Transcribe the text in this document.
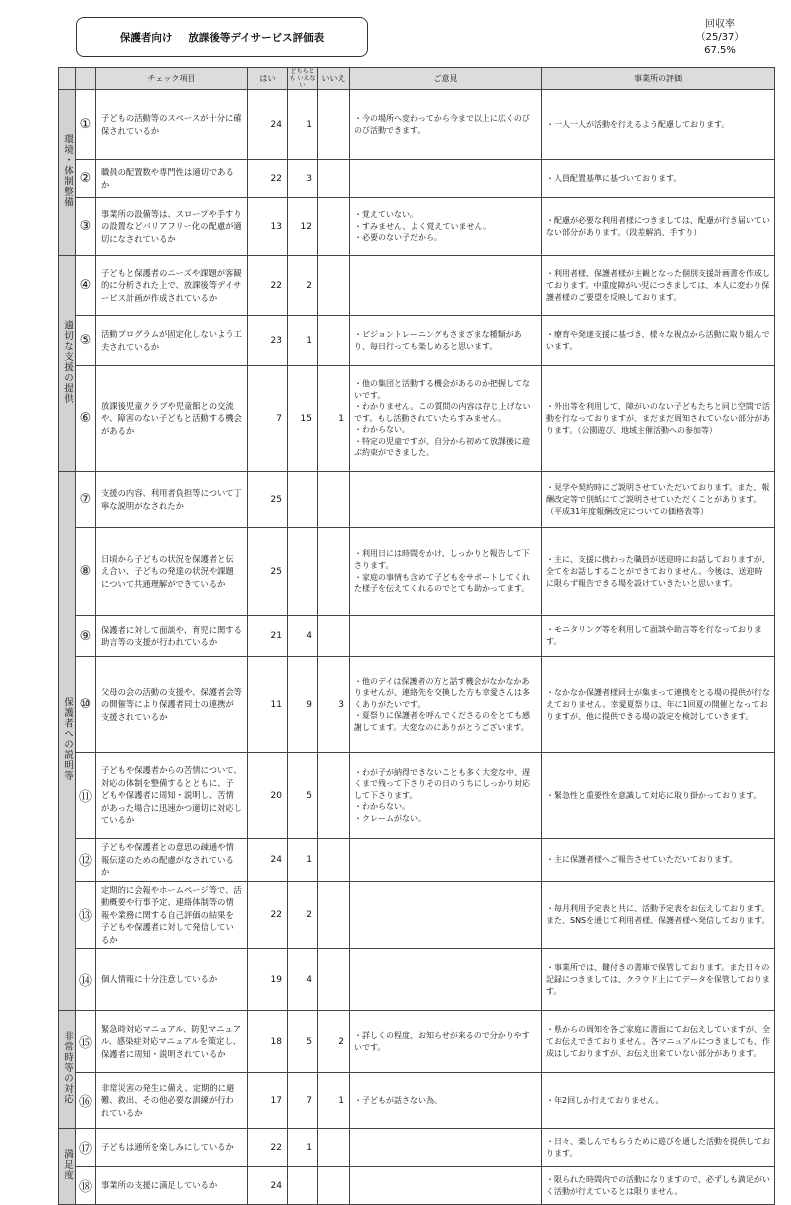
保護者向け 放課後等デイサービス評価表
回収率
（25/37）
67.5%
		チェック項目	はい	どちらとも いえない	いいえ	ご意見	事業所の評価
環境・体制整備	①	子どもの活動等のスペースが十分に確保されているか	24	1		・今の場所へ変わってから今まで以上に広くのびのび活動できます。	・一人一人が活動を行えるよう配慮しております。
	②	職員の配置数や専門性は適切であるか	22	3			・人員配置基準に基づいております。
	③	事業所の設備等は、スロープや手すりの設置などバリアフリー化の配慮が適切になされているか	13	12		・覚えていない。
・すみません、よく覚えていません。
・必要のない子だから。	・配慮が必要な利用者様につきましては、配慮が行き届いていない部分があります。（段差解消、手すり）
適切な支援の提供	④	子どもと保護者のニーズや課題が客観的に分析された上で、放課後等デイサービス計画が作成されているか	22	2			・利用者様、保護者様が主観となった個別支援計画書を作成しております。中重度障がい児につきましては、本人に変わり保護者様のご要望を反映しております。
	⑤	活動プログラムが固定化しないよう工夫されているか	23	1		・ビジョントレーニングもさまざまな種類があり、毎日行っても楽しめると思います。	・療育や発達支援に基づき、様々な視点から活動に取り組んでいます。
	⑥	放課後児童クラブや児童館との交流や、障害のない子どもと活動する機会があるか	7	15	1	・他の集団と活動する機会があるのか把握してないです。
・わかりません。この質問の内容は存じ上げないです。もし活動されていたらすみません。
・わからない。
・特定の児童ですが、自分から初めて放課後に遊ぶ約束ができました。	・外出等を利用して、障がいのない子どもたちと同じ空間で活動を行なっておりますが、まだまだ周知されていない部分があります。（公園遊び、地域主催活動への参加等）
保護者への説明等	⑦	支援の内容、利用者負担等について丁寧な説明がなされたか	25				・見学や契約時にご説明させていただいております。また、報酬改定等で別紙にてご説明させていただくことがあります。（平成31年度報酬改定についての価格表等）
	⑧	日頃から子どもの状況を保護者と伝え合い、子どもの発達の状況や課題について共通理解ができているか	25			・利用日には時間をかけ、しっかりと報告して下さります。
・家庭の事情も含めて子どもをサポートしてくれた様子を伝えてくれるのでとても助かってます。	・主に、支援に携わった職員が送迎時にお話しておりますが、全てをお話しすることができておりません。今後は、送迎時に限らず報告できる場を設けていきたいと思います。
	⑨	保護者に対して面談や、育児に関する助言等の支援が行われているか	21	4			・モニタリング等を利用して面談や助言等を行なっております。
	⑩	父母の会の活動の支援や、保護者会等の開催等により保護者同士の連携が支援されているか	11	9	3	・他のデイは保護者の方と話す機会がなかなかありませんが、連絡先を交換した方も幸愛さんは多くありがたいです。
・夏祭りに保護者を呼んでくださるのをとても感謝してます。大変なのにありがとうございます。	・なかなか保護者様同士が集まって連携をとる場の提供が行なえておりません。幸愛夏祭りは、年に1回夏の開催となっておりますが、他に提供できる場の設定を検討していきます。
	⑪	子どもや保護者からの苦情について、対応の体制を整備するとともに、子どもや保護者に周知・説明し、苦情があった場合に迅速かつ適切に対応しているか	20	5		・わが子が納得できないことも多く大変な中、遅くまで残って下さりその日のうちにしっかり対応して下さります。
・わからない。
・クレームがない。	・緊急性と重要性を意識して対応に取り掛かっております。
	⑫	子どもや保護者との意思の疎通や情報伝達のための配慮がなされているか	24	1			・主に保護者様へご報告させていただいております。
	⑬	定期的に会報やホームページ等で、活動概要や行事予定、連絡体制等の情報や業務に関する自己評価の結果を子どもや保護者に対して発信しているか	22	2			・毎月利用予定表と共に、活動予定表をお伝えしております。また、SNSを通じて利用者様、保護者様へ発信しております。
	⑭	個人情報に十分注意しているか	19	4			・事業所では、鍵付きの書庫で保管しております。また日々の記録につきましては、クラウド上にてデータを保管しております。
非常時等の対応	⑮	緊急時対応マニュアル、防犯マニュアル、感染症対応マニュアルを策定し、保護者に周知・説明されているか	18	5	2	・詳しくの程度、お知らせが来るので分かりやすいです。	・県からの周知を各ご家庭に書面にてお伝えしていますが、全てお伝えできておりません。各マニュアルにつきましても、作成はしておりますが、お伝え出来ていない部分があります。
	⑯	非常災害の発生に備え、定期的に避難、救出、その他必要な訓練が行われているか	17	7	1	・子どもが話さない為。	・年2回しか行えておりません。
満足度	⑰	子どもは通所を楽しみにしているか	22	1			・日々、楽しんでもらうために遊びを通した活動を提供しております。
	⑱	事業所の支援に満足しているか	24				・限られた時間内での活動になりますので、必ずしも満足がいく活動が行えているとは限りません。
